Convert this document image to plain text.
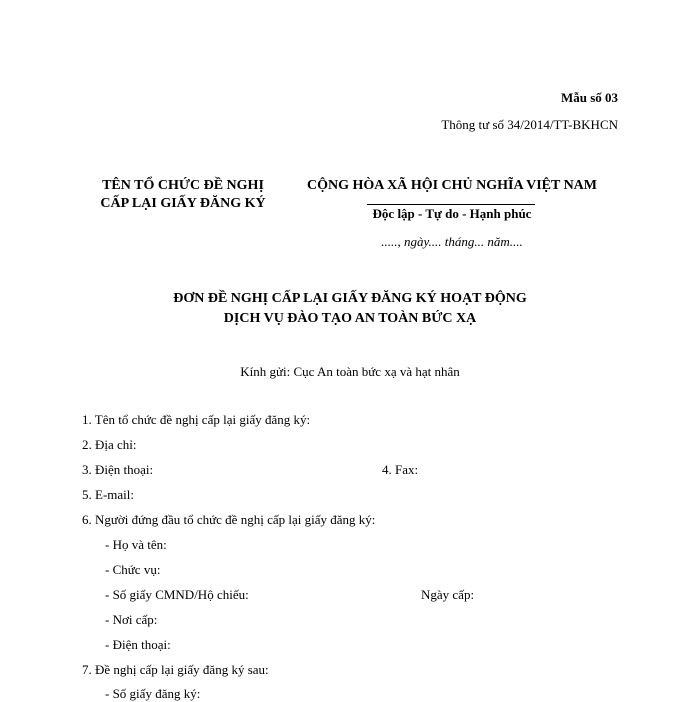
Mẫu số 03
Thông tư số 34/2014/TT-BKHCN
TÊN TỔ CHỨC ĐỀ NGHỊ
CẤP LẠI GIẤY ĐĂNG KÝ
CỘNG HÒA XÃ HỘI CHỦ NGHĨA VIỆT NAM
Độc lập - Tự do - Hạnh phúc
....., ngày.... tháng... năm....
ĐƠN ĐỀ NGHỊ CẤP LẠI GIẤY ĐĂNG KÝ HOẠT ĐỘNG
DỊCH VỤ ĐÀO TẠO AN TOÀN BỨC XẠ
Kính gửi: Cục An toàn bức xạ và hạt nhân
1. Tên tổ chức đề nghị cấp lại giấy đăng ký:
2. Địa chỉ:
3. Điện thoại:	4. Fax:
5. E-mail:
6. Người đứng đầu tổ chức đề nghị cấp lại giấy đăng ký:
- Họ và tên:
- Chức vụ:
- Số giấy CMND/Hộ chiếu:	Ngày cấp:
- Nơi cấp:
- Điện thoại:
7. Đề nghị cấp lại giấy đăng ký sau:
- Số giấy đăng ký:
